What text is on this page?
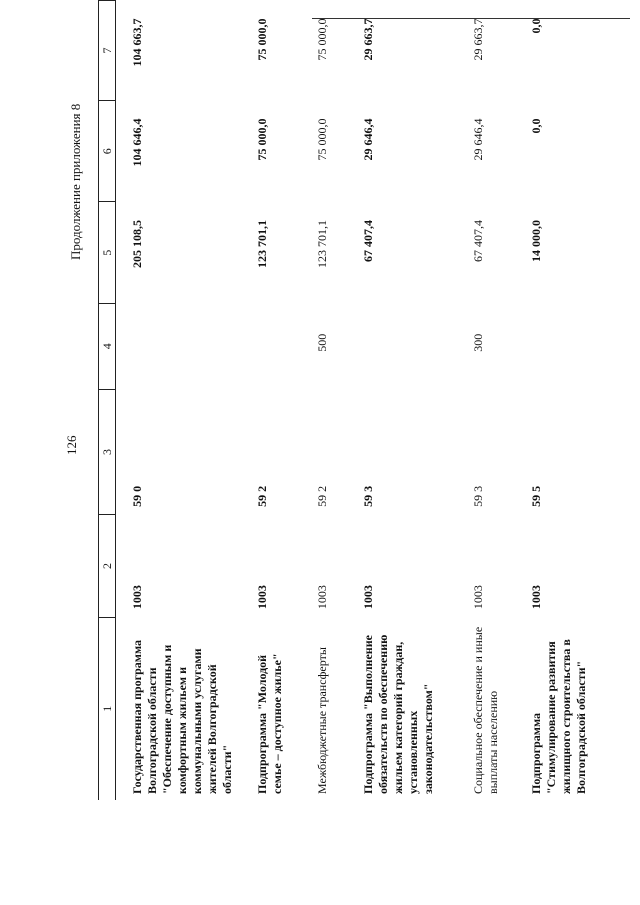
126
Продолжение приложения 8
1	2	3	4	5	6	7
Государственная программа Волгоградской области "Обеспечение доступным и комфортным жильем и коммунальными услугами жителей Волгоградской области"	1003	59 0		205 108,5	104 646,4	104 663,7
Подпрограмма "Молодой семье – доступное жилье"	1003	59 2		123 701,1	75 000,0	75 000,0
Межбюджетные трансферты	1003	59 2	500	123 701,1	75 000,0	75 000,0
Подпрограмма "Выполнение обязательств по обеспечению жильем категорий граждан, установленных законодательством"	1003	59 3		67 407,4	29 646,4	29 663,7
Социальное обеспечение и иные выплаты населению	1003	59 3	300	67 407,4	29 646,4	29 663,7
Подпрограмма "Стимулирование развития жилищного строительства в Волгоградской области"	1003	59 5		14 000,0	0,0	0,0
